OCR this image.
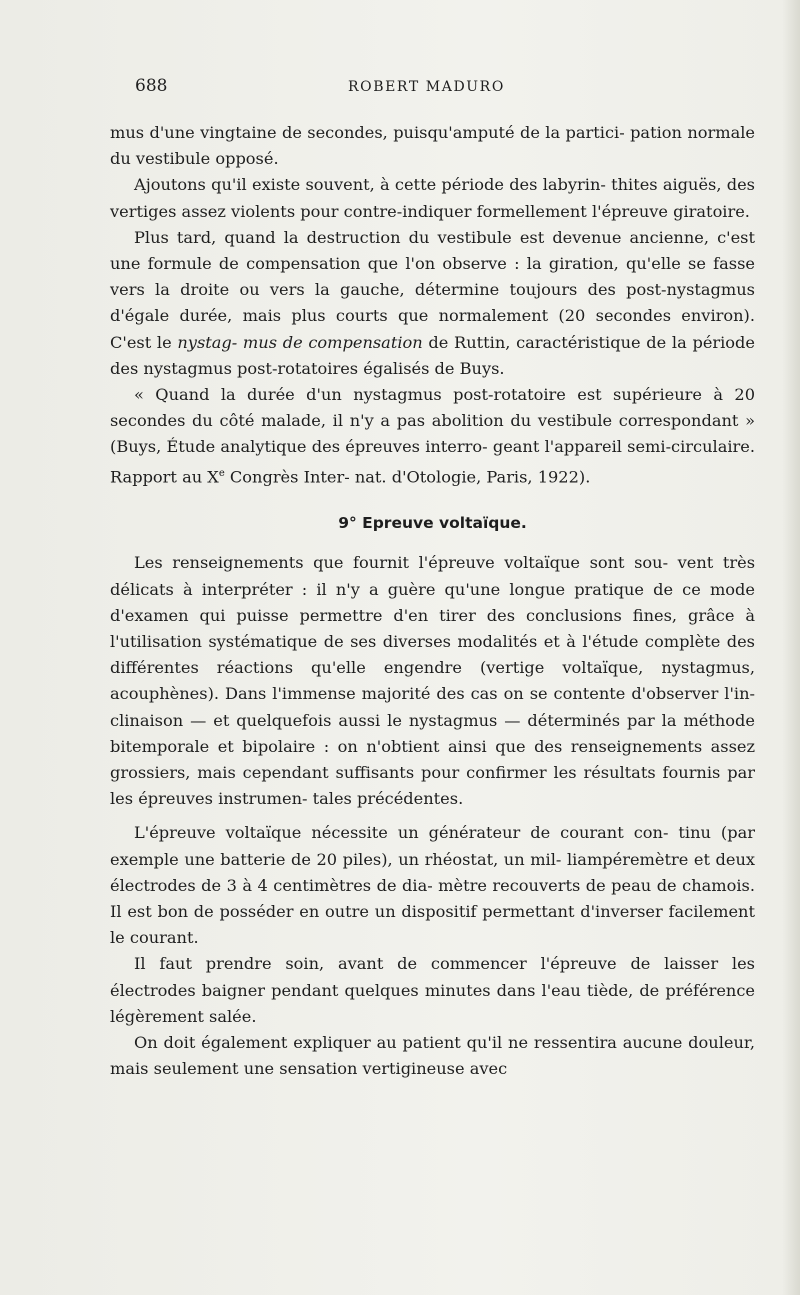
688	ROBERT MADURO

mus d'une vingtaine de secondes, puisqu'amputé de la partici- pation normale du vestibule opposé.

Ajoutons qu'il existe souvent, à cette période des labyrin- thites aiguës, des vertiges assez violents pour contre-indiquer formellement l'épreuve giratoire.

Plus tard, quand la destruction du vestibule est devenue ancienne, c'est une formule de compensation que l'on observe : la giration, qu'elle se fasse vers la droite ou vers la gauche, détermine toujours des post-nystagmus d'égale durée, mais plus courts que normalement (20 secondes environ). C'est le nystag- mus de compensation de Ruttin, caractéristique de la période des nystagmus post-rotatoires égalisés de Buys.

« Quand la durée d'un nystagmus post-rotatoire est supérieure à 20 secondes du côté malade, il n'y a pas abolition du vestibule correspondant » (Buys, Étude analytique des épreuves interro- geant l'appareil semi-circulaire. Rapport au Xe Congrès Inter- nat. d'Otologie, Paris, 1922).

9° Epreuve voltaïque.

Les renseignements que fournit l'épreuve voltaïque sont sou- vent très délicats à interpréter : il n'y a guère qu'une longue pratique de ce mode d'examen qui puisse permettre d'en tirer des conclusions fines, grâce à l'utilisation systématique de ses diverses modalités et à l'étude complète des différentes réactions qu'elle engendre (vertige voltaïque, nystagmus, acouphènes). Dans l'immense majorité des cas on se contente d'observer l'in- clinaison — et quelquefois aussi le nystagmus — déterminés par la méthode bitemporale et bipolaire : on n'obtient ainsi que des renseignements assez grossiers, mais cependant suffisants pour confirmer les résultats fournis par les épreuves instrumen- tales précédentes.

L'épreuve voltaïque nécessite un générateur de courant con- tinu (par exemple une batterie de 20 piles), un rhéostat, un mil- liampéremètre et deux électrodes de 3 à 4 centimètres de dia- mètre recouverts de peau de chamois. Il est bon de posséder en outre un dispositif permettant d'inverser facilement le courant.

Il faut prendre soin, avant de commencer l'épreuve de laisser les électrodes baigner pendant quelques minutes dans l'eau tiède, de préférence légèrement salée.

On doit également expliquer au patient qu'il ne ressentira aucune douleur, mais seulement une sensation vertigineuse avec
